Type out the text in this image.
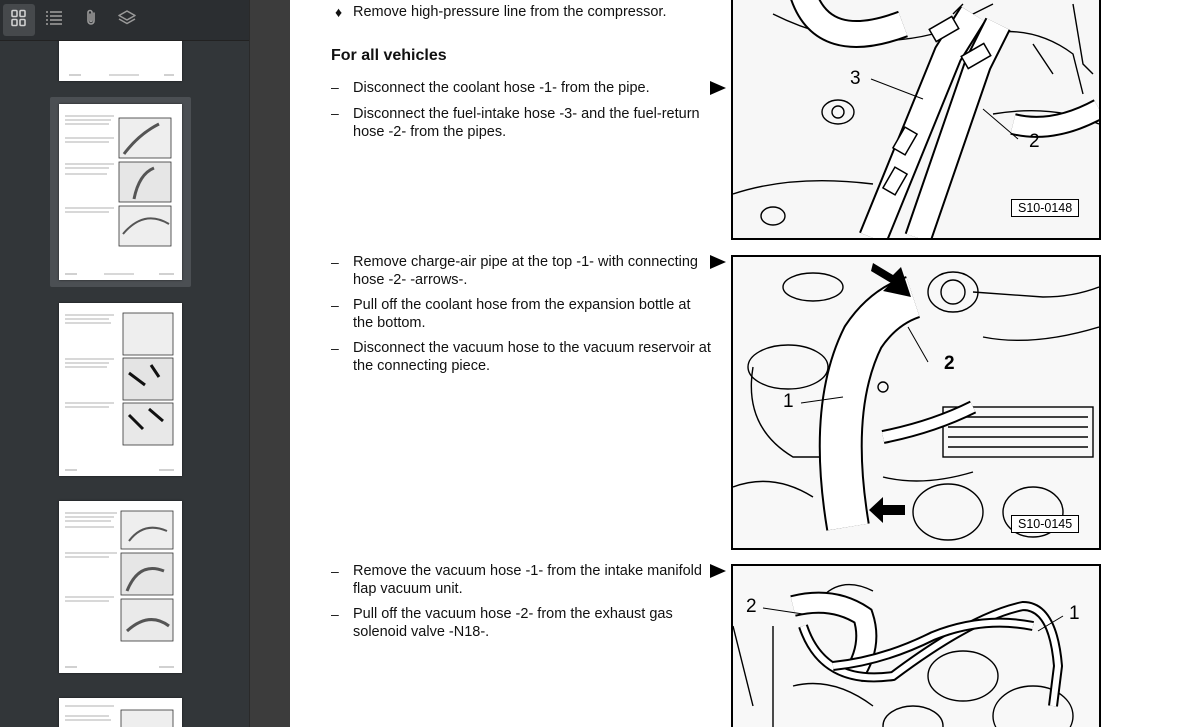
♦ Remove high-pressure line from the compressor.
For all vehicles
– Disconnect the coolant hose -1- from the pipe.
– Disconnect the fuel-intake hose -3- and the fuel-return hose -2- from the pipes.
3
2
S10-0148
– Remove charge-air pipe at the top -1- with connecting hose -2- -arrows-.
– Pull off the coolant hose from the expansion bottle at the bottom.
– Disconnect the vacuum hose to the vacuum reservoir at the connecting piece.
1
2
S10-0145
– Remove the vacuum hose -1- from the intake manifold flap vacuum unit.
– Pull off the vacuum hose -2- from the exhaust gas solenoid valve -N18-.
2	1
